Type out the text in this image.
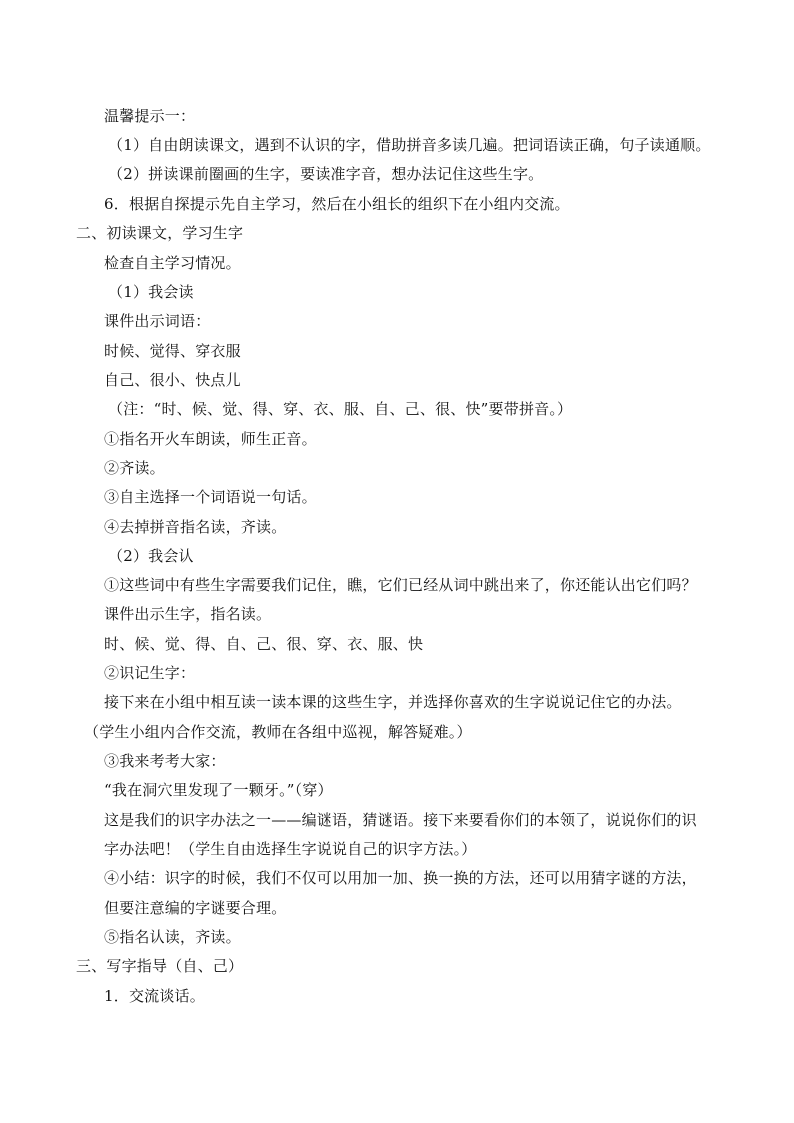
温馨提示一：
（1）自由朗读课文，遇到不认识的字，借助拼音多读几遍。把词语读正确，句子读通顺。
（2）拼读课前圈画的生字，要读准字音，想办法记住这些生字。
6．根据自探提示先自主学习，然后在小组长的组织下在小组内交流。
二、初读课文，学习生字
检查自主学习情况。
（1）我会读
课件出示词语：
时候、觉得、穿衣服
自己、很小、快点儿
（注：“时、候、觉、得、穿、衣、服、自、己、很、快”要带拼音。）
①指名开火车朗读，师生正音。
②齐读。
③自主选择一个词语说一句话。
④去掉拼音指名读，齐读。
（2）我会认
①这些词中有些生字需要我们记住，瞧，它们已经从词中跳出来了，你还能认出它们吗？
课件出示生字，指名读。
时、候、觉、得、自、己、很、穿、衣、服、快
②识记生字：
接下来在小组中相互读一读本课的这些生字，并选择你喜欢的生字说说记住它的办法。
（学生小组内合作交流，教师在各组中巡视，解答疑难。）
③我来考考大家：
“我在洞穴里发现了一颗牙。”（穿）
这是我们的识字办法之一——编谜语，猜谜语。接下来要看你们的本领了，说说你们的识
字办法吧！（学生自由选择生字说说自己的识字方法。）
④小结：识字的时候，我们不仅可以用加一加、换一换的方法，还可以用猜字谜的方法，
但要注意编的字谜要合理。
⑤指名认读，齐读。
三、写字指导（自、己）
1．交流谈话。
